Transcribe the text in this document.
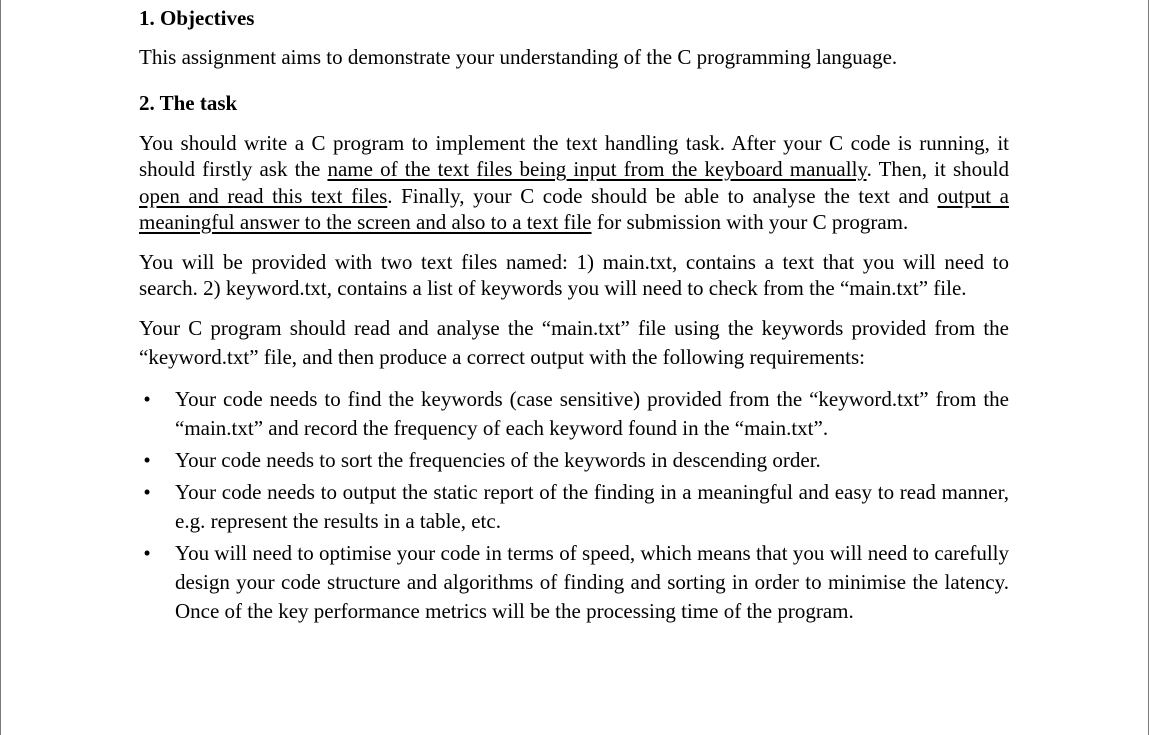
1. Objectives

This assignment aims to demonstrate your understanding of the C programming language.

2. The task

You should write a C program to implement the text handling task. After your C code is running, it should firstly ask the name of the text files being input from the keyboard manually. Then, it should open and read this text files. Finally, your C code should be able to analyse the text and output a meaningful answer to the screen and also to a text file for submission with your C program.

You will be provided with two text files named: 1) main.txt, contains a text that you will need to search. 2) keyword.txt, contains a list of keywords you will need to check from the “main.txt” file.

Your C program should read and analyse the “main.txt” file using the keywords provided from the “keyword.txt” file, and then produce a correct output with the following requirements:

• Your code needs to find the keywords (case sensitive) provided from the “keyword.txt” from the “main.txt” and record the frequency of each keyword found in the “main.txt”.
• Your code needs to sort the frequencies of the keywords in descending order.
• Your code needs to output the static report of the finding in a meaningful and easy to read manner, e.g. represent the results in a table, etc.
• You will need to optimise your code in terms of speed, which means that you will need to carefully design your code structure and algorithms of finding and sorting in order to minimise the latency. Once of the key performance metrics will be the processing time of the program.
